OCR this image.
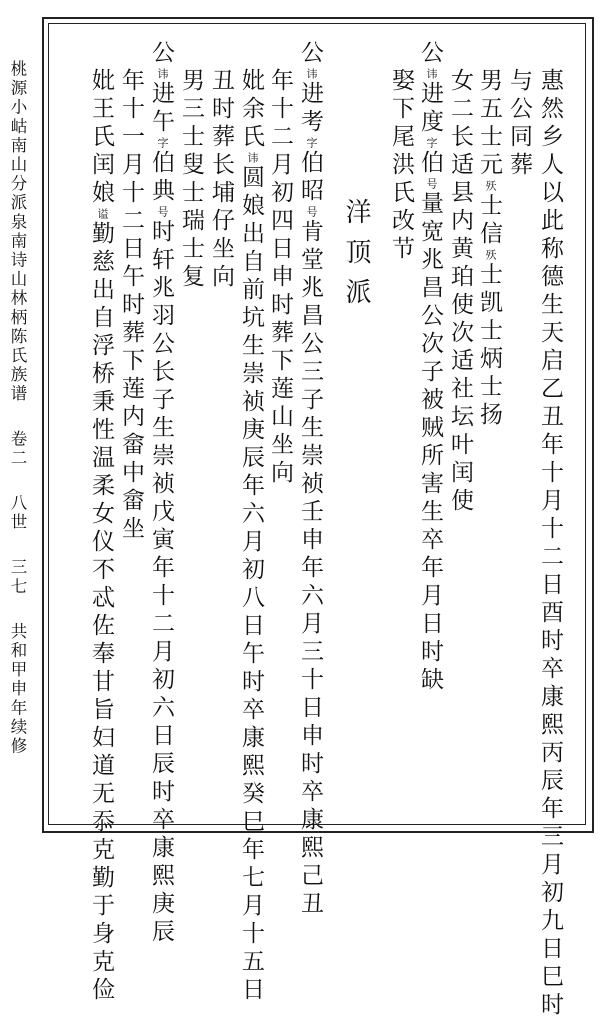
桃源小岵南山分派泉南诗山林柄陈氏族谱卷二八世三七共和甲申年续修	惠然乡人以此称德生天启乙丑年十月十二日酉时卒康熙丙辰年三月初九日巳时
与公同葬
男五士元殀士信殀士凯士炳士扬
女二长适县内黄珀使次适社坛叶闰使
公讳进度字伯号量宽兆昌公次子被贼所害生卒年月日时缺
娶下尾洪氏改节
洋顶派
公讳进考字伯昭号肯堂兆昌公三子生崇祯壬申年六月三十日申时卒康熙己丑
年十二月初四日申时葬下莲山坐向
妣余氏讳圆娘出自前坑生崇祯庚辰年六月初八日午时卒康熙癸巳年七月十五日
丑时葬长埔仔坐向
男三士叟士瑞士复
公讳进午字伯典号时轩兆羽公长子生崇祯戊寅年十二月初六日辰时卒康熙庚辰
年十一月十二日午时葬下莲内畲中畲坐
妣王氏闰娘谥勤慈出自浮桥秉性温柔女仪不忒佐奉甘旨妇道无忝克勤于身克俭
